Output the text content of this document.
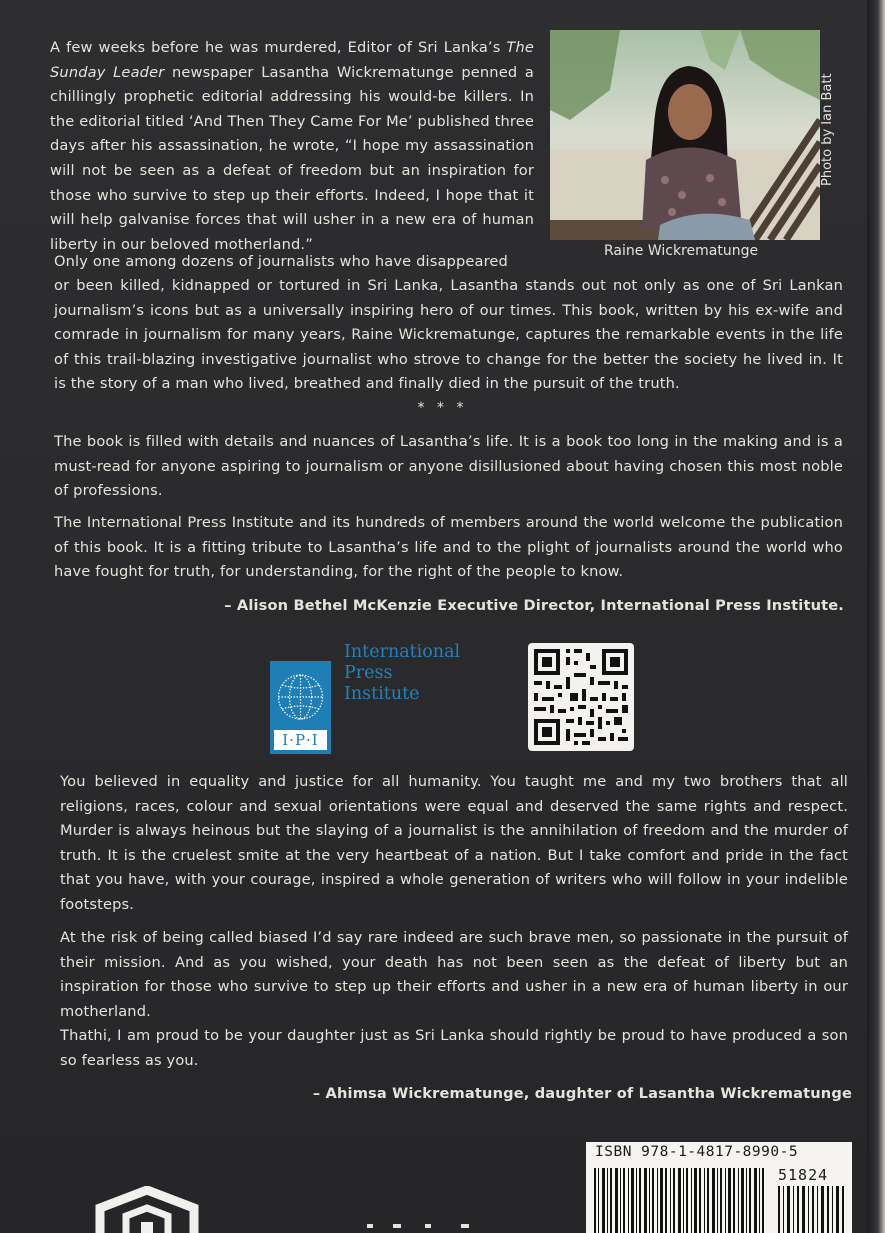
A few weeks before he was murdered, Editor of Sri Lanka’s The Sunday Leader newspaper Lasantha Wickrematunge penned a chillingly prophetic editorial addressing his would-be killers. In the editorial titled ‘And Then They Came For Me’ published three days after his assassination, he wrote, “I hope my assassination will not be seen as a defeat of freedom but an inspiration for those who survive to step up their efforts. Indeed, I hope that it will help galvanise forces that will usher in a new era of human liberty in our beloved motherland.”

Photo by Ian Batt
Raine Wickrematunge

Only one among dozens of journalists who have disappeared

or been killed, kidnapped or tortured in Sri Lanka, Lasantha stands out not only as one of Sri Lankan journalism’s icons but as a universally inspiring hero of our times. This book, written by his ex-wife and comrade in journalism for many years, Raine Wickrematunge, captures the remarkable events in the life of this trail-blazing investigative journalist who strove to change for the better the society he lived in. It is the story of a man who lived, breathed and finally died in the pursuit of the truth.

* * *

The book is filled with details and nuances of Lasantha’s life. It is a book too long in the making and is a must-read for anyone aspiring to journalism or anyone disillusioned about having chosen this most noble of professions.

The International Press Institute and its hundreds of members around the world welcome the publication of this book. It is a fitting tribute to Lasantha’s life and to the plight of journalists around the world who have fought for truth, for understanding, for the right of the people to know.

– Alison Bethel McKenzie Executive Director, International Press Institute.

I·P·I
International
Press
Institute

You believed in equality and justice for all humanity. You taught me and my two brothers that all religions, races, colour and sexual orientations were equal and deserved the same rights and respect. Murder is always heinous but the slaying of a journalist is the annihilation of freedom and the murder of truth. It is the cruelest smite at the very heartbeat of a nation. But I take comfort and pride in the fact that you have, with your courage, inspired a whole generation of writers who will follow in your indelible footsteps.

At the risk of being called biased I’d say rare indeed are such brave men, so passionate in the pursuit of their mission. And as you wished, your death has not been seen as the defeat of liberty but an inspiration for those who survive to step up their efforts and usher in a new era of human liberty in our motherland.

Thathi, I am proud to be your daughter just as Sri Lanka should rightly be proud to have produced a son so fearless as you.

– Ahimsa Wickrematunge, daughter of Lasantha Wickrematunge

ISBN 978-1-4817-8990-5
51824
